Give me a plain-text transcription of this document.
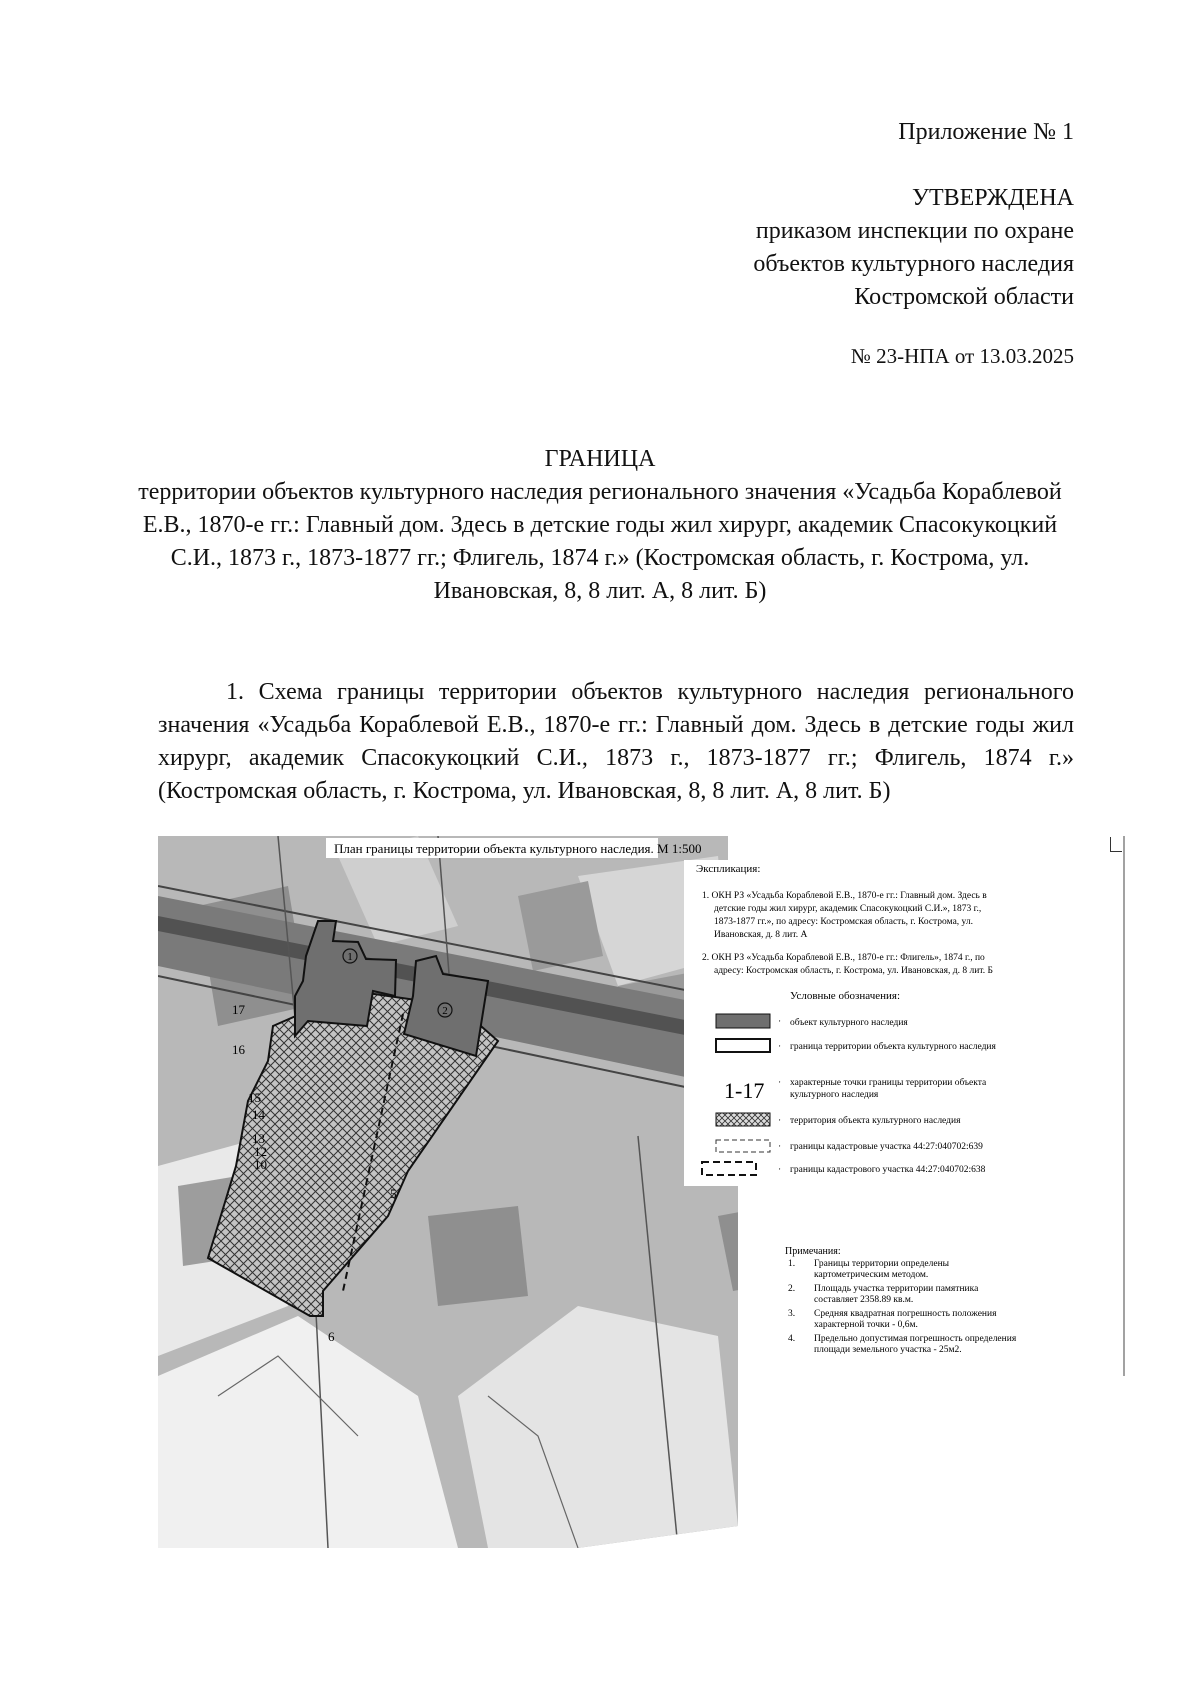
Приложение № 1
УТВЕРЖДЕНА
приказом инспекции по охране
объектов культурного наследия
Костромской области
№ 23-НПА от 13.03.2025
ГРАНИЦА
территории объектов культурного наследия регионального значения «Усадьба Кораблевой Е.В., 1870-е гг.: Главный дом. Здесь в детские годы жил хирург, академик Спасокукоцкий С.И., 1873 г., 1873-1877 гг.; Флигель, 1874 г.» (Костромская область, г. Кострома, ул. Ивановская, 8, 8 лит. А, 8 лит. Б)
1. Схема границы территории объектов культурного наследия регионального значения «Усадьба Кораблевой Е.В., 1870-е гг.: Главный дом. Здесь в детские годы жил хирург, академик Спасокукоцкий С.И., 1873 г., 1873-1877 гг.; Флигель, 1874 г.» (Костромская область, г. Кострома, ул. Ивановская, 8, 8 лит. А, 8 лит. Б)
1
2
17
16
15
14
13
12
10
6
5
План границы территории объекта культурного наследия. М 1:500
Экспликация:
1. ОКН РЗ «Усадьба Кораблевой Е.В., 1870-е гг.: Главный дом. Здесь в
детские годы жил хирург, академик Спасокукоцкий С.И.», 1873 г.,
1873-1877 гг.», по адресу: Костромская область, г. Кострома, ул.
Ивановская, д. 8 лит. А
2. ОКН РЗ «Усадьба Кораблевой Е.В., 1870-е гг.: Флигель», 1874 г., по
адресу: Костромская область, г. Кострома, ул. Ивановская, д. 8 лит. Б
Условные обозначения:
· объект культурного наследия
· граница территории объекта культурного наследия
1-17 · характерные точки границы территории объекта
культурного наследия
· территория объекта культурного наследия
· границы кадастровые участка 44:27:040702:639
· границы кадастрового участка 44:27:040702:638
Примечания:
1. Границы территории определены
картометрическим методом.
2. Площадь участка территории памятника
составляет 2358.89 кв.м.
3. Средняя квадратная погрешность положения
характерной точки - 0,6м.
4. Предельно допустимая погрешность определения
площади земельного участка - 25м2.
